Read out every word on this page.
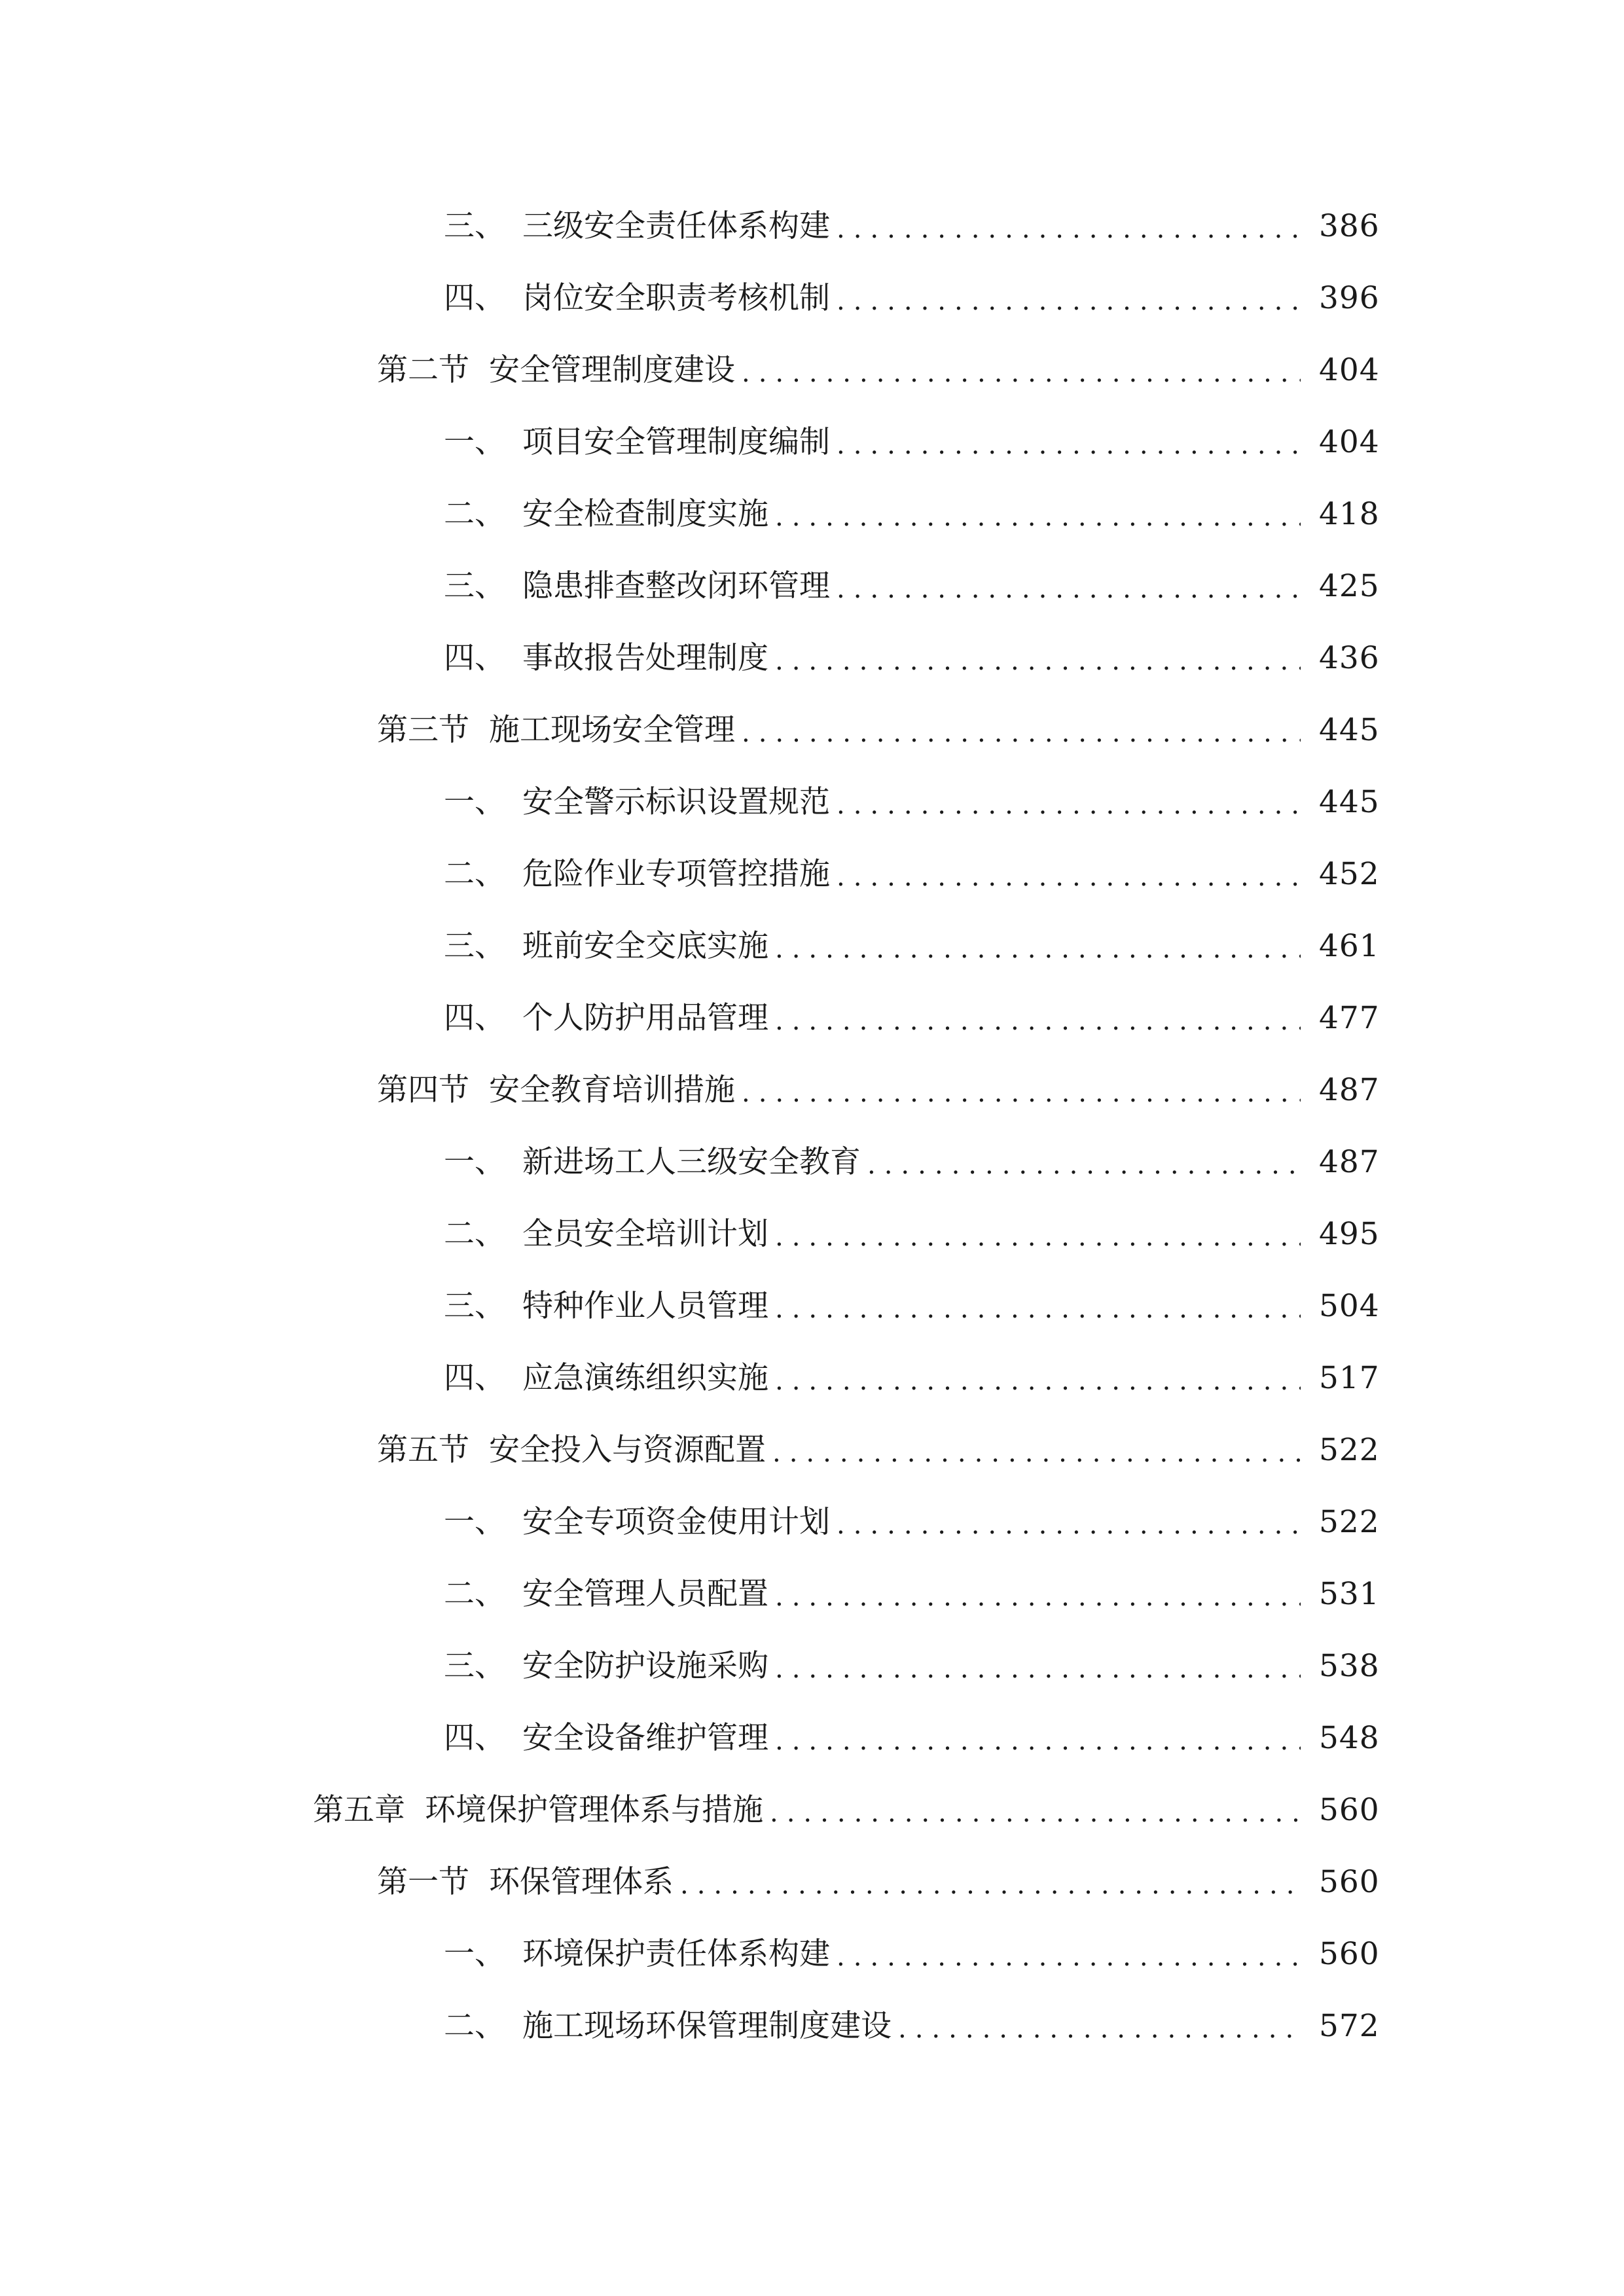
三、 三级安全责任体系构建 .....	386
四、 岗位安全职责考核机制 .....	396
第二节 安全管理制度建设 .....	404
一、 项目安全管理制度编制 .....	404
二、 安全检查制度实施 .....	418
三、 隐患排查整改闭环管理 .....	425
四、 事故报告处理制度 .....	436
第三节 施工现场安全管理 .....	445
一、 安全警示标识设置规范 .....	445
二、 危险作业专项管控措施 .....	452
三、 班前安全交底实施 .....	461
四、 个人防护用品管理 .....	477
第四节 安全教育培训措施 .....	487
一、 新进场工人三级安全教育 .....	487
二、 全员安全培训计划 .....	495
三、 特种作业人员管理 .....	504
四、 应急演练组织实施 .....	517
第五节 安全投入与资源配置 .....	522
一、 安全专项资金使用计划 .....	522
二、 安全管理人员配置 .....	531
三、 安全防护设施采购 .....	538
四、 安全设备维护管理 .....	548
第五章 环境保护管理体系与措施 .....	560
第一节 环保管理体系 .....	560
一、 环境保护责任体系构建 .....	560
二、 施工现场环保管理制度建设 .....	572
